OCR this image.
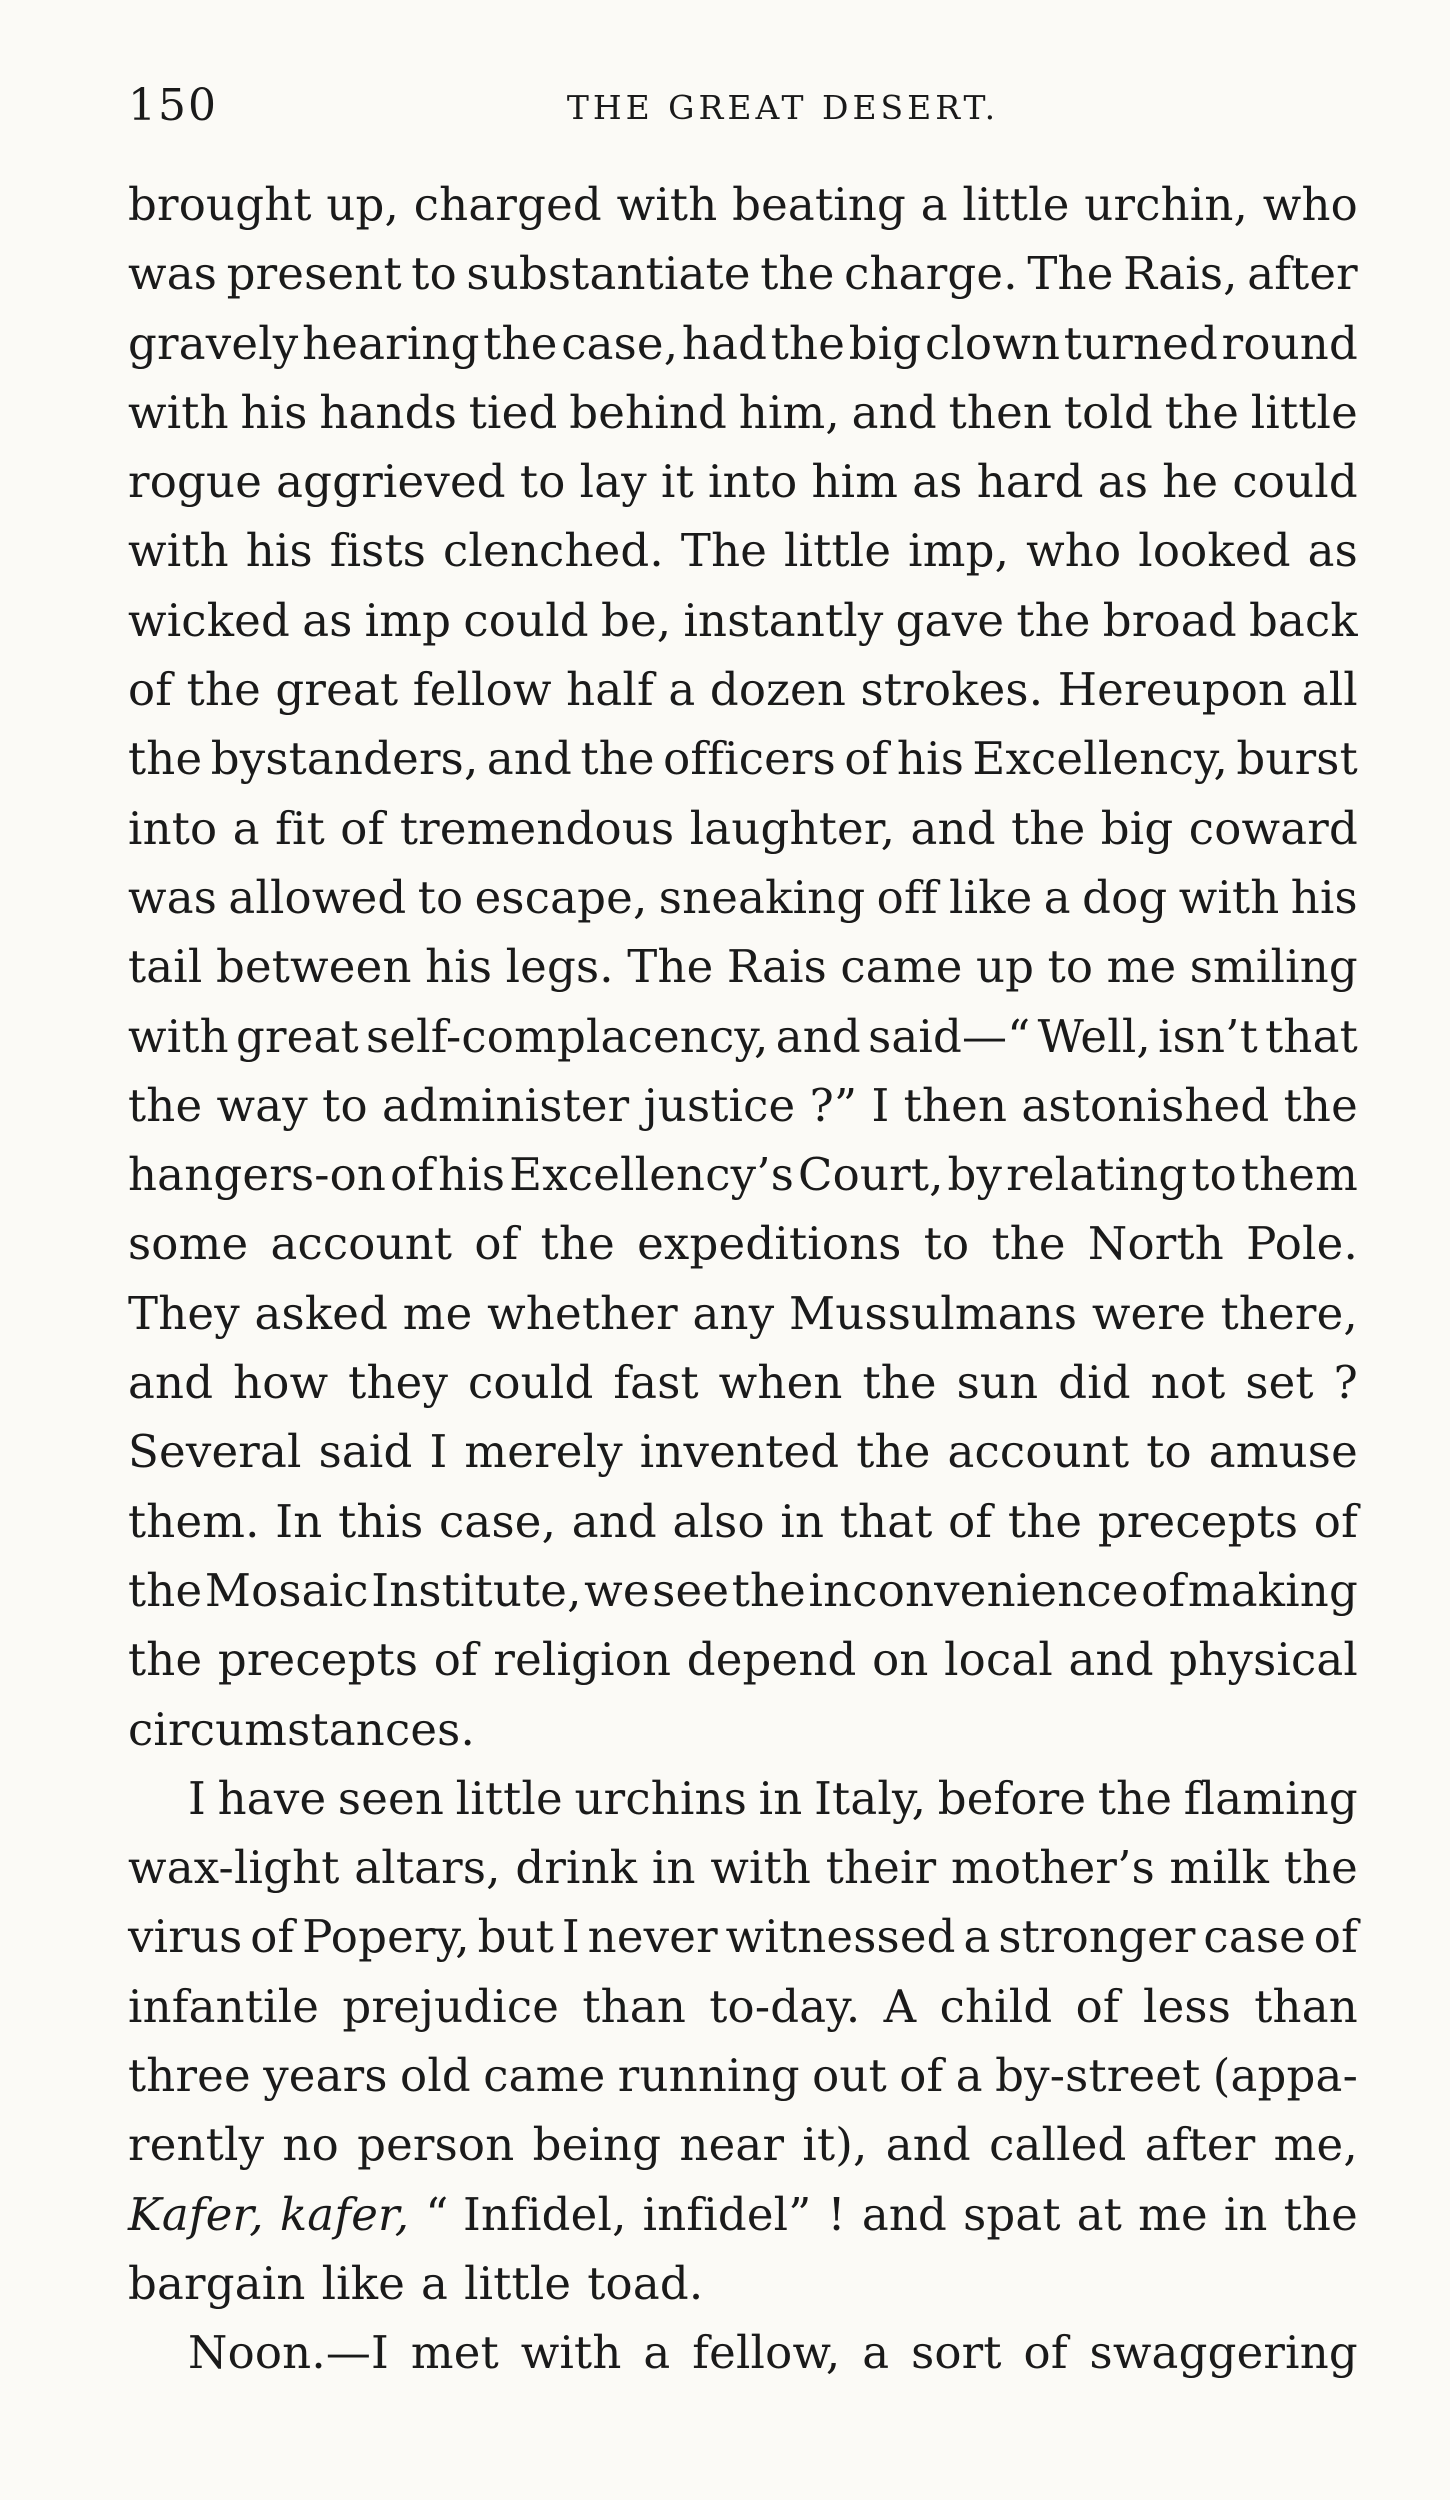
150	THE GREAT DESERT.
brought up, charged with beating a little urchin, who
was present to substantiate the charge. The Rais, after
gravely hearing the case, had the big clown turned round
with his hands tied behind him, and then told the little
rogue aggrieved to lay it into him as hard as he could
with his fists clenched. The little imp, who looked as
wicked as imp could be, instantly gave the broad back
of the great fellow half a dozen strokes. Hereupon all
the bystanders, and the officers of his Excellency, burst
into a fit of tremendous laughter, and the big coward
was allowed to escape, sneaking off like a dog with his
tail between his legs. The Rais came up to me smiling
with great self-complacency, and said—“ Well, isn’t that
the way to administer justice ?” I then astonished the
hangers-on of his Excellency’s Court, by relating to them
some account of the expeditions to the North Pole.
They asked me whether any Mussulmans were there,
and how they could fast when the sun did not set ?
Several said I merely invented the account to amuse
them. In this case, and also in that of the precepts of
the Mosaic Institute, we see the inconvenience of making
the precepts of religion depend on local and physical
circumstances.
I have seen little urchins in Italy, before the flaming
wax-light altars, drink in with their mother’s milk the
virus of Popery, but I never witnessed a stronger case of
infantile prejudice than to-day. A child of less than
three years old came running out of a by-street (appa-
rently no person being near it), and called after me,
Kafer, kafer, “ Infidel, infidel” ! and spat at me in the
bargain like a little toad.
Noon.—I met with a fellow, a sort of swaggering
